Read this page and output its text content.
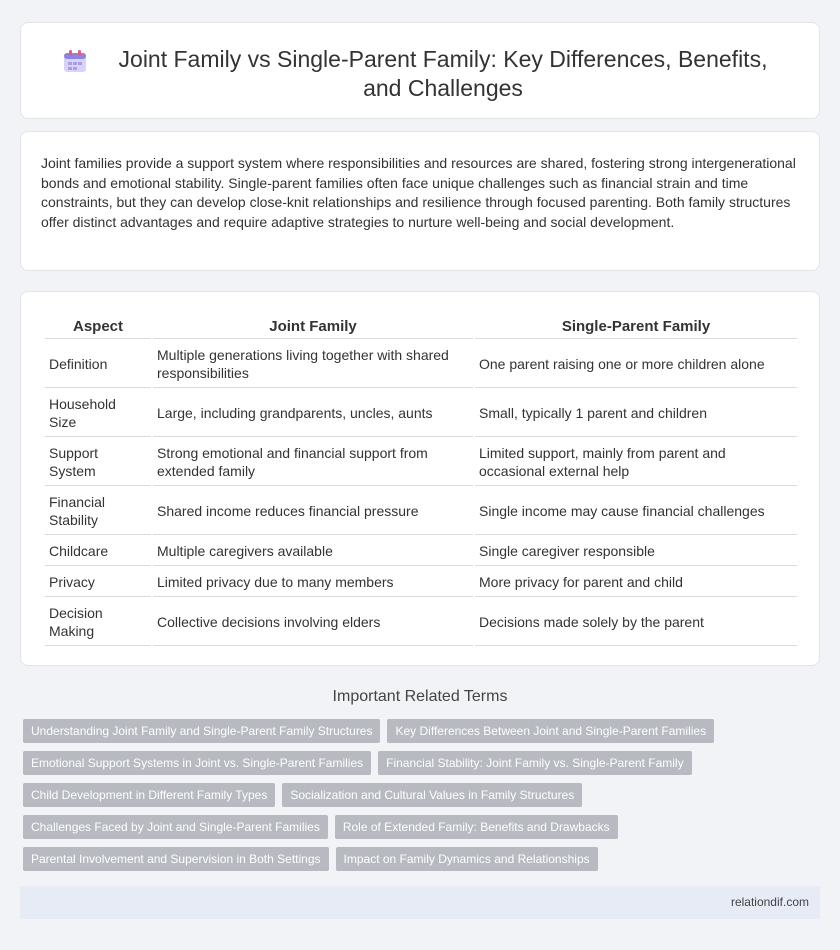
Joint Family vs Single-Parent Family: Key Differences, Benefits, and Challenges

Joint families provide a support system where responsibilities and resources are shared, fostering strong intergenerational bonds and emotional stability. Single-parent families often face unique challenges such as financial strain and time constraints, but they can develop close-knit relationships and resilience through focused parenting. Both family structures offer distinct advantages and require adaptive strategies to nurture well-being and social development.

Aspect	Joint Family	Single-Parent Family
Definition	Multiple generations living together with shared responsibilities	One parent raising one or more children alone
Household Size	Large, including grandparents, uncles, aunts	Small, typically 1 parent and children
Support System	Strong emotional and financial support from extended family	Limited support, mainly from parent and occasional external help
Financial Stability	Shared income reduces financial pressure	Single income may cause financial challenges
Childcare	Multiple caregivers available	Single caregiver responsible
Privacy	Limited privacy due to many members	More privacy for parent and child
Decision Making	Collective decisions involving elders	Decisions made solely by the parent
Important Related Terms
Understanding Joint Family and Single-Parent Family Structures	Key Differences Between Joint and Single-Parent Families
Emotional Support Systems in Joint vs. Single-Parent Families	Financial Stability: Joint Family vs. Single-Parent Family
Child Development in Different Family Types	Socialization and Cultural Values in Family Structures
Challenges Faced by Joint and Single-Parent Families	Role of Extended Family: Benefits and Drawbacks
Parental Involvement and Supervision in Both Settings	Impact on Family Dynamics and Relationships
relationdif.com
